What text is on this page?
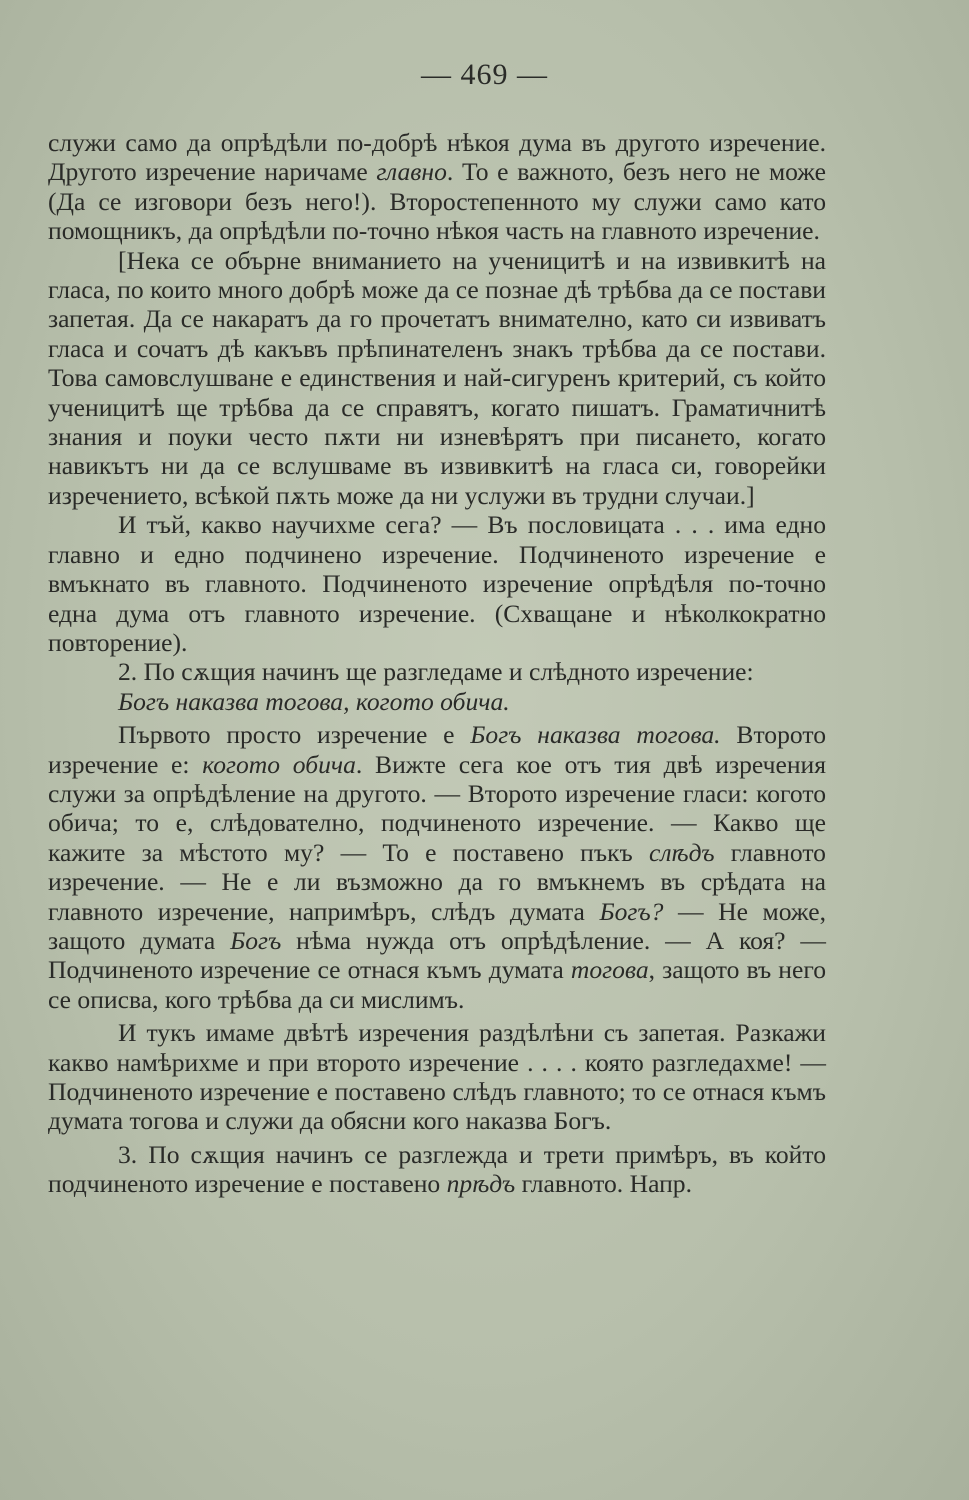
— 469 —

служи само да опрѣдѣли по-добрѣ нѣкоя дума въ другото изречение. Другото изречение наричаме главно. То е важното, безъ него не може (Да се изговори безъ него!). Второстепенното му служи само като помощникъ, да опрѣдѣли по-точно нѣкоя часть на главното изречение.

[Нека се обърне вниманието на ученицитѣ и на извивкитѣ на гласа, по които много добрѣ може да се познае дѣ трѣбва да се постави запетая. Да се накаратъ да го прочетатъ внимателно, като си извиватъ гласа и сочатъ дѣ какъвъ прѣпинателенъ знакъ трѣбва да се постави. Това самовслушване е единствения и най-сигуренъ критерий, съ който ученицитѣ ще трѣбва да се справятъ, когато пишатъ. Граматичнитѣ знания и поуки често пѫти ни изневѣрятъ при писането, когато навикътъ ни да се вслушваме въ извивкитѣ на гласа си, говорейки изречението, всѣкой пѫть може да ни услужи въ трудни случаи.]

И тъй, какво научихме сега? — Въ пословицата . . . има едно главно и едно подчинено изречение. Подчиненото изречение е вмъкнато въ главното. Подчиненото изречение опрѣдѣля по-точно една дума отъ главното изречение. (Схващане и нѣколкократно повторение).

2. По сѫщия начинъ ще разгледаме и слѣдното изречение:

Богъ наказва тогова, когото обича.

Първото просто изречение е Богъ наказва тогова. Второто изречение е: когото обича. Вижте сега кое отъ тия двѣ изречения служи за опрѣдѣление на другото. — Второто изречение гласи: когото обича; то е, слѣдователно, подчиненото изречение. — Какво ще кажите за мѣстото му? — То е поставено пъкъ слѣдъ главното изречение. — Не е ли възможно да го вмъкнемъ въ срѣдата на главното изречение, напримѣръ, слѣдъ думата Богъ? — Не може, защото думата Богъ нѣма нужда отъ опрѣдѣление. — А коя? — Подчиненото изречение се отнася къмъ думата тогова, защото въ него се описва, кого трѣбва да си мислимъ.

И тукъ имаме двѣтѣ изречения раздѣлѣни съ запетая. Разкажи какво намѣрихме и при второто изречение . . . . която разгледахме! — Подчиненото изречение е поставено слѣдъ главното; то се отнася къмъ думата тогова и служи да обясни кого наказва Богъ.

3. По сѫщия начинъ се разглежда и трети примѣръ, въ който подчиненото изречение е поставено прѣдъ главното. Напр.
